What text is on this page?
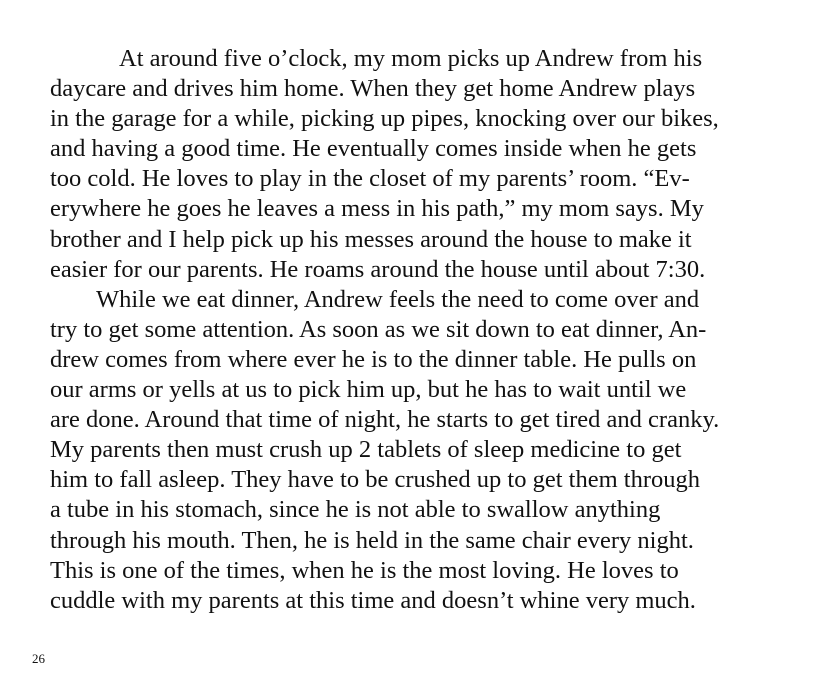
At around five o’clock, my mom picks up Andrew from his
daycare and drives him home. When they get home Andrew plays
in the garage for a while, picking up pipes, knocking over our bikes,
and having a good time. He eventually comes inside when he gets
too cold. He loves to play in the closet of my parents’ room. “Ev-
erywhere he goes he leaves a mess in his path,” my mom says. My
brother and I help pick up his messes around the house to make it
easier for our parents. He roams around the house until about 7:30.
While we eat dinner, Andrew feels the need to come over and
try to get some attention. As soon as we sit down to eat dinner, An-
drew comes from where ever he is to the dinner table. He pulls on
our arms or yells at us to pick him up, but he has to wait until we
are done. Around that time of night, he starts to get tired and cranky.
My parents then must crush up 2 tablets of sleep medicine to get
him to fall asleep. They have to be crushed up to get them through
a tube in his stomach, since he is not able to swallow anything
through his mouth. Then, he is held in the same chair every night.
This is one of the times, when he is the most loving. He loves to
cuddle with my parents at this time and doesn’t whine very much.
26
